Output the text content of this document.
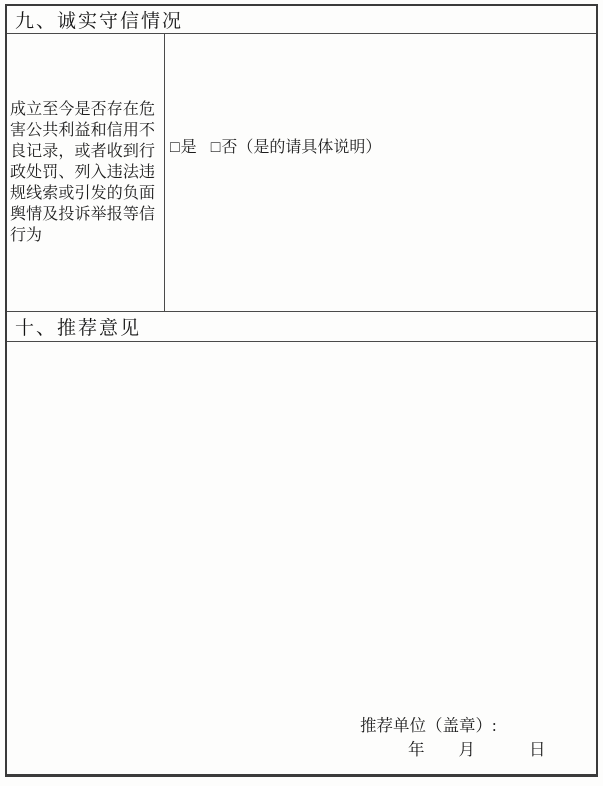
九、诚实守信情况

成立至今是否存在危害公共利益和信用不良记录，或者收到行政处罚、列入违法违规线索或引发的负面舆情及投诉举报等信行为

□是 □否（是的请具体说明）
十、推荐意见
推荐单位（盖章）:
年 月	日
